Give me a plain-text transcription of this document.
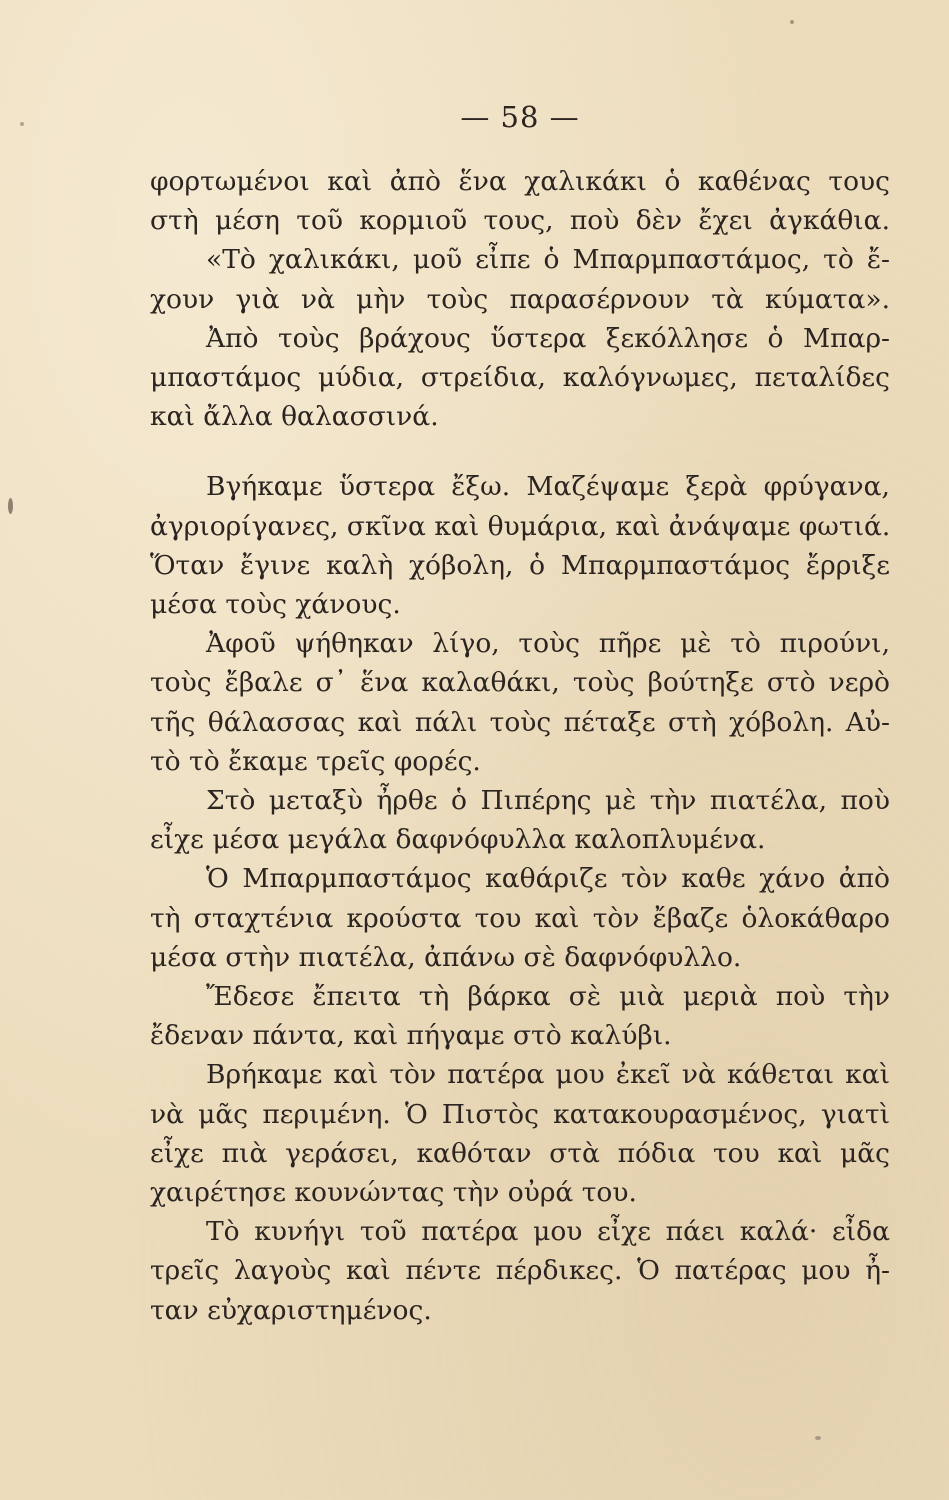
— 58 —
φορτωμένοι καὶ ἀπὸ ἕνα χαλικάκι ὁ καθένας τους
στὴ μέση τοῦ κορμιοῦ τους, ποὺ δὲν ἔχει ἀγκάθια.
«Τὸ χαλικάκι, μοῦ εἶπε ὁ Μπαρμπαστάμος, τὸ ἔ-
χουν γιὰ νὰ μὴν τοὺς παρασέρνουν τὰ κύματα».
Ἀπὸ τοὺς βράχους ὕστερα ξεκόλλησε ὁ Μπαρ-
μπαστάμος μύδια, στρείδια, καλόγνωμες, πεταλίδες
καὶ ἄλλα θαλασσινά.
Βγήκαμε ὕστερα ἔξω. Μαζέψαμε ξερὰ φρύγανα,
ἀγριορίγανες, σκῖνα καὶ θυμάρια, καὶ ἀνάψαμε φωτιά.
Ὅταν ἔγινε καλὴ χόβολη, ὁ Μπαρμπαστάμος ἔρριξε
μέσα τοὺς χάνους.
Ἀφοῦ ψήθηκαν λίγο, τοὺς πῆρε μὲ τὸ πιρούνι,
τοὺς ἔβαλε σ᾽ ἕνα καλαθάκι, τοὺς βούτηξε στὸ νερὸ
τῆς θάλασσας καὶ πάλι τοὺς πέταξε στὴ χόβολη. Αὐ-
τὸ τὸ ἔκαμε τρεῖς φορές.
Στὸ μεταξὺ ἦρθε ὁ Πιπέρης μὲ τὴν πιατέλα, ποὺ
εἶχε μέσα μεγάλα δαφνόφυλλα καλοπλυμένα.
Ὁ Μπαρμπαστάμος καθάριζε τὸν καθε χάνο ἀπὸ
τὴ σταχτένια κρούστα του καὶ τὸν ἔβαζε ὁλοκάθαρο
μέσα στὴν πιατέλα, ἀπάνω σὲ δαφνόφυλλο.
Ἔδεσε ἔπειτα τὴ βάρκα σὲ μιὰ μεριὰ ποὺ τὴν
ἔδεναν πάντα, καὶ πήγαμε στὸ καλύβι.
Βρήκαμε καὶ τὸν πατέρα μου ἐκεῖ νὰ κάθεται καὶ
νὰ μᾶς περιμένη. Ὁ Πιστὸς κατακουρασμένος, γιατὶ
εἶχε πιὰ γεράσει, καθόταν στὰ πόδια του καὶ μᾶς
χαιρέτησε κουνώντας τὴν οὐρά του.
Τὸ κυνήγι τοῦ πατέρα μου εἶχε πάει καλά· εἶδα
τρεῖς λαγοὺς καὶ πέντε πέρδικες. Ὁ πατέρας μου ἦ-
ταν εὐχαριστημένος.
